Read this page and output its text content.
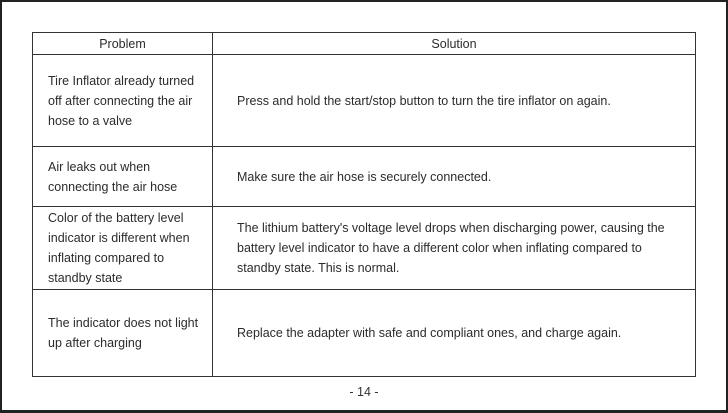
Problem	Solution
Tire Inflator already turned off after connecting the air hose to a valve	Press and hold the start/stop button to turn the tire inflator on again.
Air leaks out when connecting the air hose	Make sure the air hose is securely connected.
Color of the battery level indicator is different when inflating compared to standby state	The lithium battery's voltage level drops when discharging power, causing the battery level indicator to have a different color when inflating compared to standby state. This is normal.
The indicator does not light up after charging	Replace the adapter with safe and compliant ones, and charge again.
- 14 -
